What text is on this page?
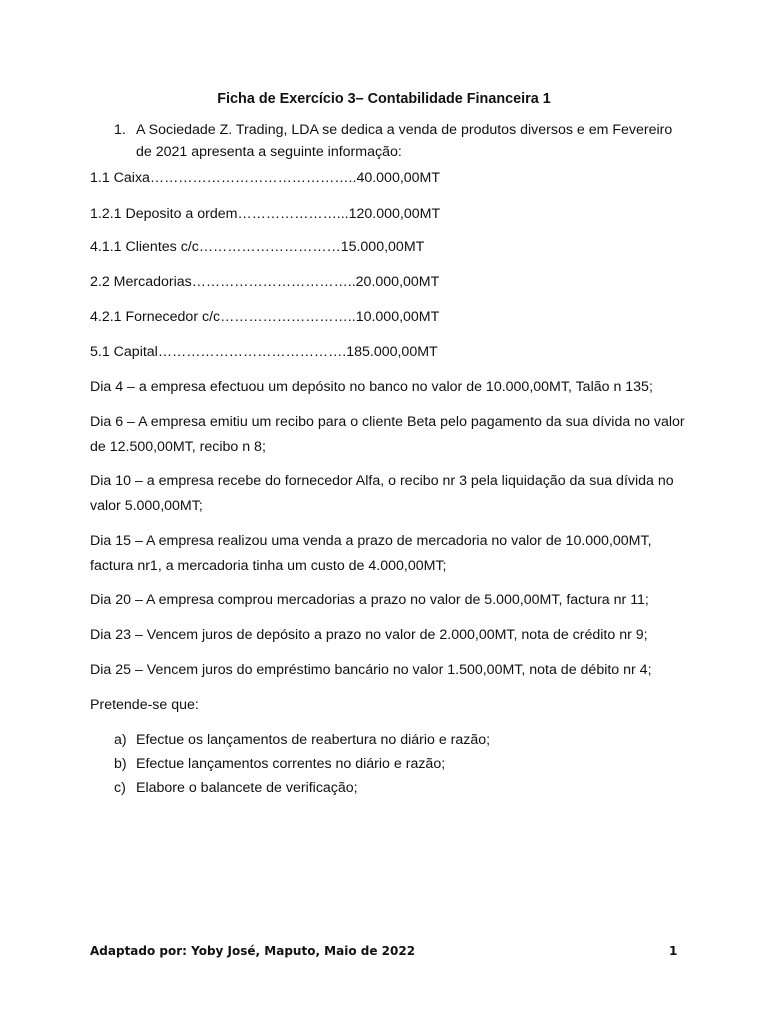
Ficha de Exercício 3– Contabilidade Financeira 1
1. A Sociedade Z. Trading, LDA se dedica a venda de produtos diversos e em Fevereiro de 2021 apresenta a seguinte informação:
1.1 Caixa……………………………………..40.000,00MT
1.2.1 Deposito a ordem…………………...120.000,00MT
4.1.1 Clientes c/c…………………………15.000,00MT
2.2 Mercadorias……………………………..20.000,00MT
4.2.1 Fornecedor c/c………………………..10.000,00MT
5.1 Capital………………………………….185.000,00MT
Dia 4 – a empresa efectuou um depósito no banco no valor de 10.000,00MT, Talão n 135;
Dia 6 – A empresa emitiu um recibo para o cliente Beta pelo pagamento da sua dívida no valor de 12.500,00MT, recibo n 8;
Dia 10 – a empresa recebe do fornecedor Alfa, o recibo nr 3 pela liquidação da sua dívida no valor 5.000,00MT;
Dia 15 – A empresa realizou uma venda a prazo de mercadoria no valor de 10.000,00MT, factura nr1, a mercadoria tinha um custo de 4.000,00MT;
Dia 20 – A empresa comprou mercadorias a prazo no valor de 5.000,00MT, factura nr 11;
Dia 23 – Vencem juros de depósito a prazo no valor de 2.000,00MT, nota de crédito nr 9;
Dia 25 – Vencem juros do empréstimo bancário no valor 1.500,00MT, nota de débito nr 4;
Pretende-se que:
a) Efectue os lançamentos de reabertura no diário e razão;
b) Efectue lançamentos correntes no diário e razão;
c) Elabore o balancete de verificação;
Adaptado por: Yoby José, Maputo, Maio de 2022	1
